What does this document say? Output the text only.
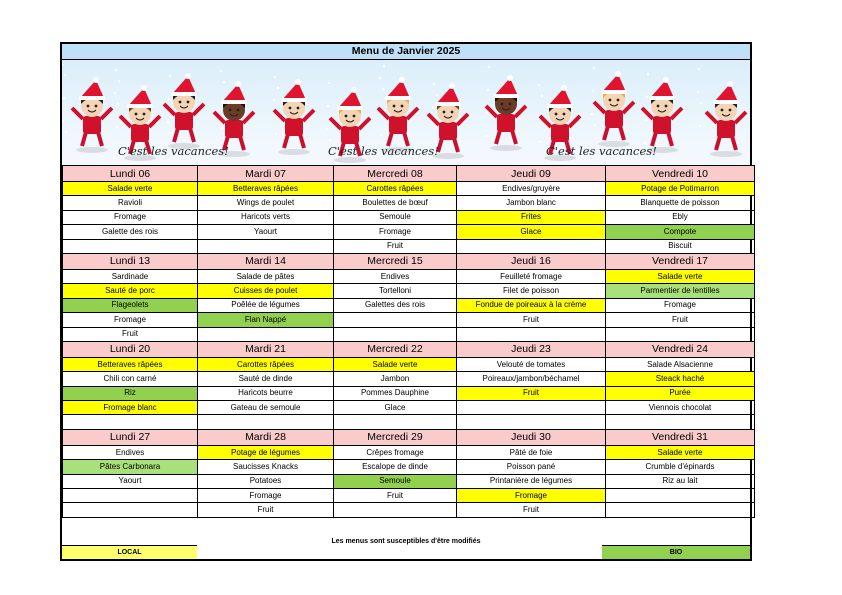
Menu de Janvier 2025
C'est les vacances!	C'est les vacances!	C'est les vacances!
Lundi 06	Mardi 07	Mercredi 08	Jeudi 09	Vendredi 10
Salade verte	Betteraves râpées	Carottes râpées	Endives/gruyère	Potage de Potimarron
Ravioli	Wings de poulet	Boulettes de bœuf	Jambon blanc	Blanquette de poisson
Fromage	Haricots verts	Semoule	Frites	Ebly
Galette des rois	Yaourt	Fromage	Glace	Compote
		Fruit		Biscuit
Lundi 13	Mardi 14	Mercredi 15	Jeudi 16	Vendredi 17
Sardinade	Salade de pâtes	Endives	Feuilleté fromage	Salade verte
Sauté de porc	Cuisses de poulet	Tortelloni	Filet de poisson	Parmentier de lentilles
Flageolets	Poêlée de légumes	Galettes des rois	Fondue de poireaux à la crème	Fromage
Fromage	Flan Nappé		Fruit	Fruit
Fruit				
Lundi 20	Mardi 21	Mercredi 22	Jeudi 23	Vendredi 24
Betteraves râpées	Carottes râpées	Salade verte	Velouté de tomates	Salade Alsacienne
Chili con carné	Sauté de dinde	Jambon	Poireaux/jambon/béchamel	Steack haché
Riz	Haricots beurre	Pommes Dauphine	Fruit	Purée
Fromage blanc	Gateau de semoule	Glace		Viennois chocolat

Lundi 27	Mardi 28	Mercredi 29	Jeudi 30	Vendredi 31
Endives	Potage de légumes	Crêpes fromage	Pâté de foie	Salade verte
Pâtes Carbonara	Saucisses Knacks	Escalope de dinde	Poisson pané	Crumble d'épinards
Yaourt	Potatoes	Semoule	Printanière de légumes	Riz au lait
	Fromage	Fruit	Fromage	
	Fruit		Fruit	
Les menus sont susceptibles d'être modifiés
LOCAL	BIO
